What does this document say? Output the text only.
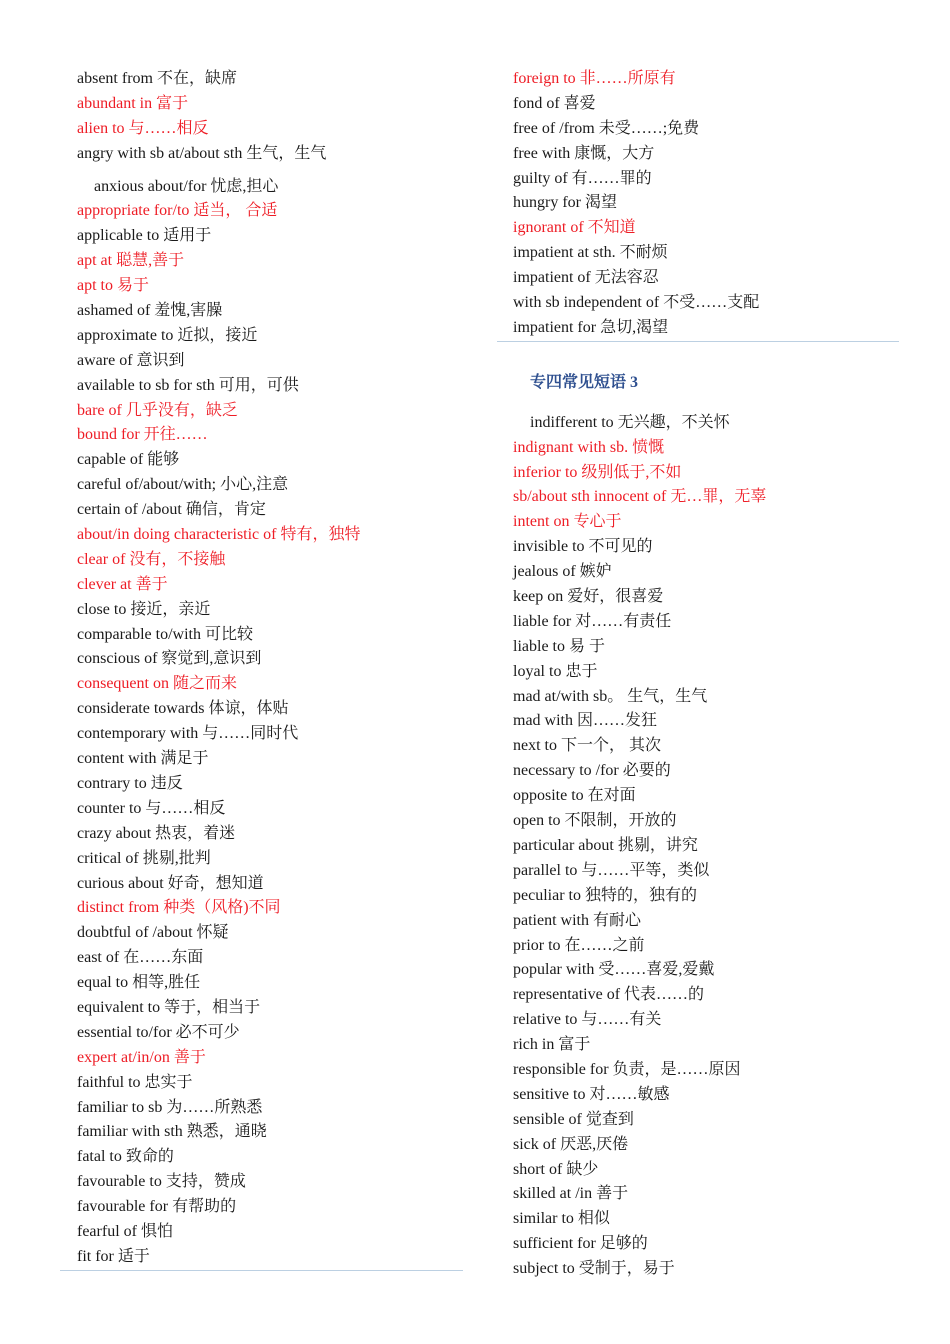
absent from 不在，缺席
abundant in 富于
alien to 与……相反
angry with sb at/about sth 生气，生气
anxious about/for 忧虑,担心
appropriate for/to 适当， 合适
applicable to 适用于
apt at 聪慧,善于
apt to 易于
ashamed of 羞愧,害臊
approximate to 近拟，接近
aware of 意识到
available to sb for sth 可用，可供
bare of 几乎没有，缺乏
bound for 开往……
capable of 能够
careful of/about/with; 小心,注意
certain of /about 确信，肯定
about/in doing characteristic of 特有，独特
clear of 没有，不接触
clever at 善于
close to 接近，亲近
comparable to/with 可比较
conscious of 察觉到,意识到
consequent on 随之而来
considerate towards 体谅，体贴
contemporary with 与……同时代
content with 满足于
contrary to 违反
counter to 与……相反
crazy about 热衷，着迷
critical of 挑剔,批判
curious about 好奇，想知道
distinct from 种类（风格)不同
doubtful of /about 怀疑
east of 在……东面
equal to 相等,胜任
equivalent to 等于，相当于
essential to/for 必不可少
expert at/in/on 善于
faithful to 忠实于
familiar to sb 为……所熟悉
familiar with sth 熟悉，通晓
fatal to 致命的
favourable to 支持，赞成
favourable for 有帮助的
fearful of 惧怕
fit for 适于
foreign to 非……所原有
fond of 喜爱
free of /from 未受……;免费
free with 康慨，大方
guilty of 有……罪的
hungry for 渴望
ignorant of 不知道
impatient at sth. 不耐烦
impatient of 无法容忍
with sb independent of 不受……支配
impatient for 急切,渴望
专四常见短语 3
indifferent to 无兴趣，不关怀
indignant with sb. 愤慨
inferior to 级别低于,不如
sb/about sth innocent of 无…罪，无辜
intent on 专心于
invisible to 不可见的
jealous of 嫉妒
keep on 爱好，很喜爱
liable for 对……有责任
liable to 易 于
loyal to 忠于
mad at/with sb。 生气，生气
mad with 因……发狂
next to 下一个， 其次
necessary to /for 必要的
opposite to 在对面
open to 不限制，开放的
particular about 挑剔，讲究
parallel to 与……平等，类似
peculiar to 独特的，独有的
patient with 有耐心
prior to 在……之前
popular with 受……喜爱,爱戴
representative of 代表……的
relative to 与……有关
rich in 富于
responsible for 负责，是……原因
sensitive to 对……敏感
sensible of 觉查到
sick of 厌恶,厌倦
short of 缺少
skilled at /in 善于
similar to 相似
sufficient for 足够的
subject to 受制于，易于
